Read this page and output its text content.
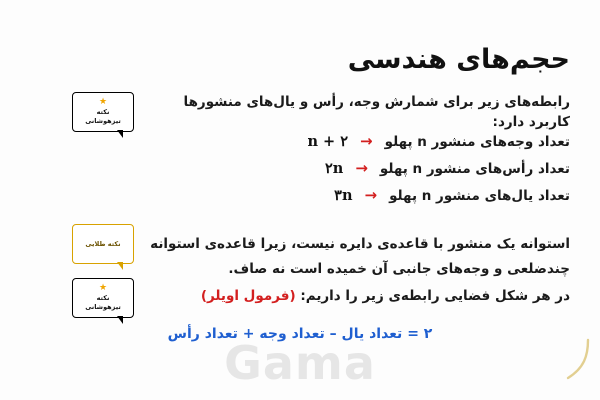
حجم‌های هندسی
رابطه‌های زیر برای شمارش وجه، رأس و یال‌های منشورها کاربرد دارد:
تعداد وجه‌های منشور n پهلو
→
n + ۲
تعداد رأس‌های منشور n پهلو
→
۲n
تعداد یال‌های منشور n پهلو
→
۳n
استوانه یک منشور با قاعده‌ی دایره نیست، زیرا قاعده‌ی استوانه چندضلعی و وجه‌های جانبی آن خمیده است نه صاف.
در هر شکل فضایی رابطه‌ی زیر را داریم: (فرمول اویلر)
۲ = تعداد یال – تعداد وجه + تعداد رأس
★
نکته
تیزهوشانی
نکته طلایی
★
نکته
تیزهوشانی
Gama
